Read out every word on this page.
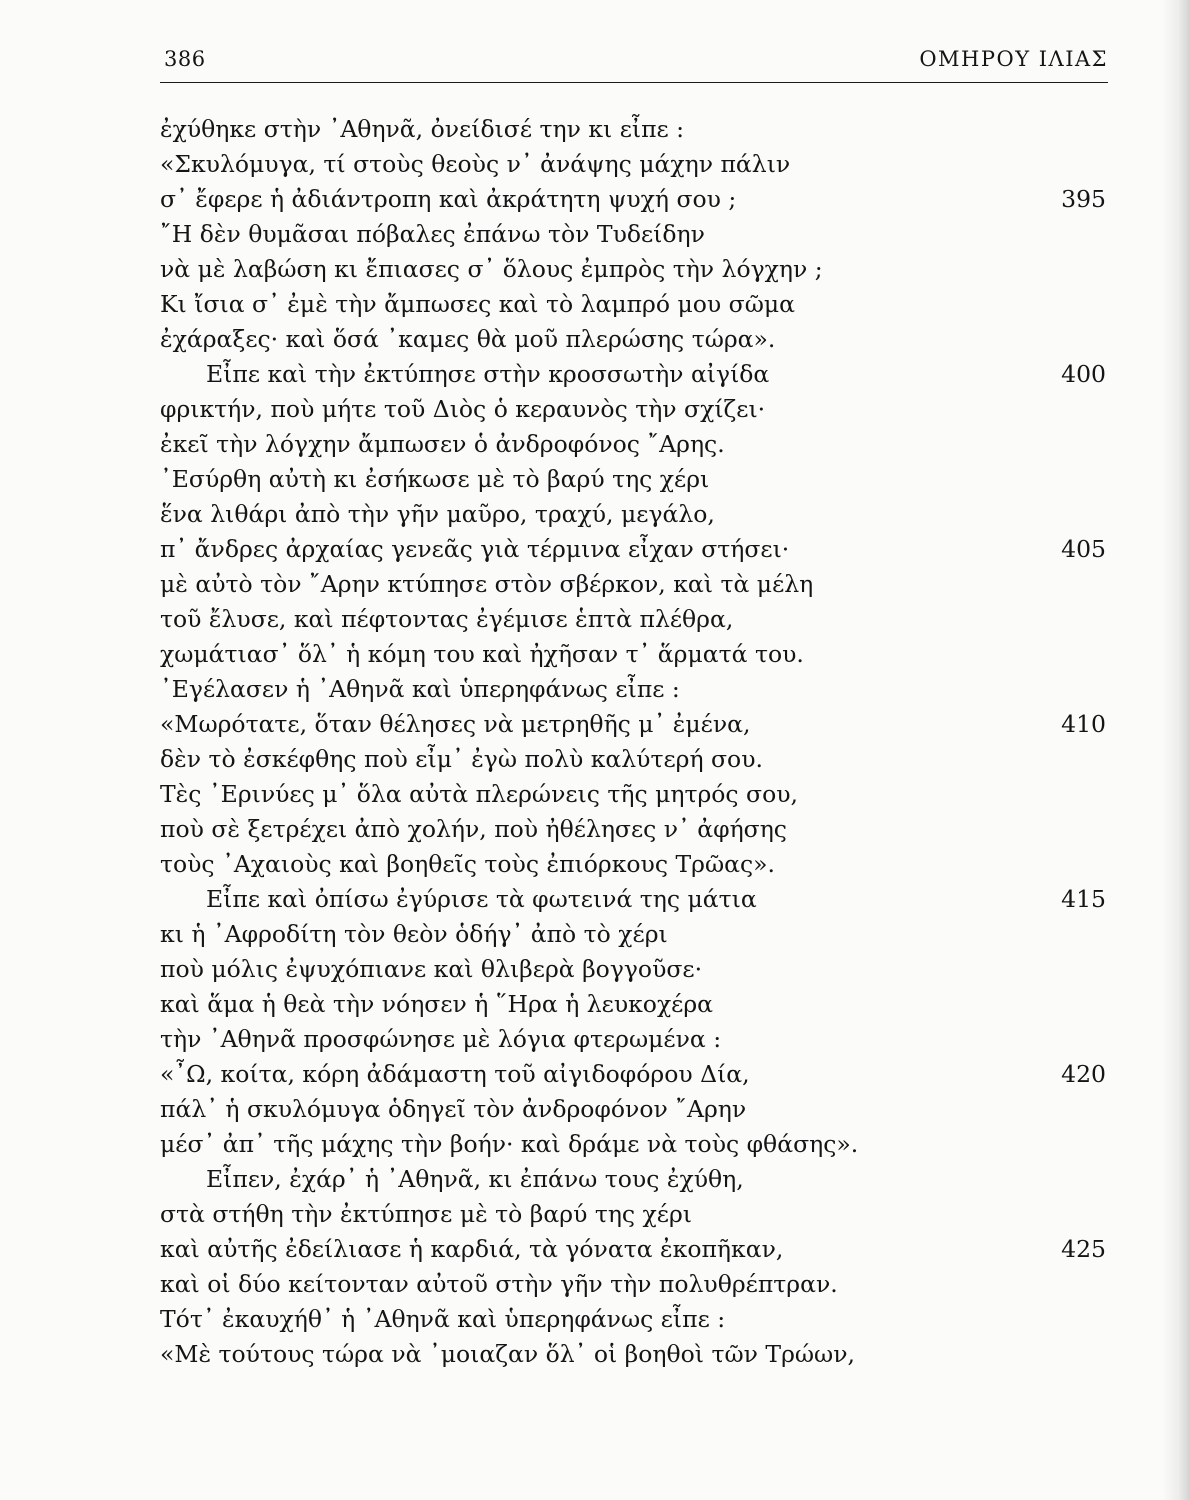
386	ΟΜΗΡΟΥ ΙΛΙΑΣ
ἐχύθηκε στὴν ᾿Αθηνᾶ, ὀνείδισέ την κι εἶπε :
«Σκυλόμυγα, τί στοὺς θεοὺς ν᾿ ἀνάψης μάχην πάλιν
σ᾿ ἔφερε ἡ ἀδιάντροπη καὶ ἀκράτητη ψυχή σου ;	395
῎Η δὲν θυμᾶσαι πόβαλες ἐπάνω τὸν Τυδείδην
νὰ μὲ λαβώση κι ἔπιασες σ᾿ ὅλους ἐμπρὸς τὴν λόγχην ;
Κι ἴσια σ᾿ ἐμὲ τὴν ἄμπωσες καὶ τὸ λαμπρό μου σῶμα
ἐχάραξες· καὶ ὅσά ᾿καμες θὰ μοῦ πλερώσης τώρα».
Εἶπε καὶ τὴν ἐκτύπησε στὴν κροσσωτὴν αἰγίδα	400
φρικτήν, ποὺ μήτε τοῦ Διὸς ὁ κεραυνὸς τὴν σχίζει·
ἐκεῖ τὴν λόγχην ἄμπωσεν ὁ ἀνδροφόνος ῎Αρης.
᾿Εσύρθη αὐτὴ κι ἐσήκωσε μὲ τὸ βαρύ της χέρι
ἕνα λιθάρι ἀπὸ τὴν γῆν μαῦρο, τραχύ, μεγάλο,
π᾿ ἄνδρες ἀρχαίας γενεᾶς γιὰ τέρμινα εἶχαν στήσει·	405
μὲ αὐτὸ τὸν ῎Αρην κτύπησε στὸν σβέρκον, καὶ τὰ μέλη
τοῦ ἔλυσε, καὶ πέφτοντας ἐγέμισε ἑπτὰ πλέθρα,
χωμάτιασ᾿ ὅλ᾿ ἡ κόμη του καὶ ἠχῆσαν τ᾿ ἅρματά του.
᾿Εγέλασεν ἡ ᾿Αθηνᾶ καὶ ὑπερηφάνως εἶπε :
«Μωρότατε, ὅταν θέλησες νὰ μετρηθῆς μ᾿ ἐμένα,	410
δὲν τὸ ἐσκέφθης ποὺ εἶμ᾿ ἐγὼ πολὺ καλύτερή σου.
Τὲς ᾿Ερινύες μ᾿ ὅλα αὐτὰ πλερώνεις τῆς μητρός σου,
ποὺ σὲ ξετρέχει ἀπὸ χολήν, ποὺ ἠθέλησες ν᾿ ἀφήσης
τοὺς ᾿Αχαιοὺς καὶ βοηθεῖς τοὺς ἐπιόρκους Τρῶας».
Εἶπε καὶ ὀπίσω ἐγύρισε τὰ φωτεινά της μάτια	415
κι ἡ ᾿Αφροδίτη τὸν θεὸν ὁδήγ᾿ ἀπὸ τὸ χέρι
ποὺ μόλις ἐψυχόπιανε καὶ θλιβερὰ βογγοῦσε·
καὶ ἅμα ἡ θεὰ τὴν νόησεν ἡ ῞Ηρα ἡ λευκοχέρα
τὴν ᾿Αθηνᾶ προσφώνησε μὲ λόγια φτερωμένα :
«῏Ω, κοίτα, κόρη ἀδάμαστη τοῦ αἰγιδοφόρου Δία,	420
πάλ᾿ ἡ σκυλόμυγα ὁδηγεῖ τὸν ἀνδροφόνον ῎Αρην
μέσ᾿ ἀπ᾿ τῆς μάχης τὴν βοήν· καὶ δράμε νὰ τοὺς φθάσης».
Εἶπεν, ἐχάρ᾿ ἡ ᾿Αθηνᾶ, κι ἐπάνω τους ἐχύθη,
στὰ στήθη τὴν ἐκτύπησε μὲ τὸ βαρύ της χέρι
καὶ αὐτῆς ἐδείλιασε ἡ καρδιά, τὰ γόνατα ἐκοπῆκαν,	425
καὶ οἱ δύο κείτονταν αὐτοῦ στὴν γῆν τὴν πολυθρέπτραν.
Τότ᾿ ἐκαυχήθ᾿ ἡ ᾿Αθηνᾶ καὶ ὑπερηφάνως εἶπε :
«Μὲ τούτους τώρα νὰ ᾿μοιαζαν ὅλ᾿ οἱ βοηθοὶ τῶν Τρώων,
